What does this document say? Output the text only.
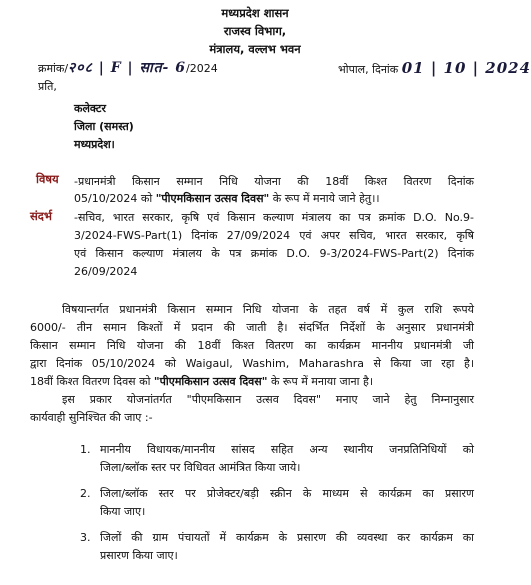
मध्यप्रदेश शासन
राजस्व विभाग,
मंत्रालय, वल्लभ भवन
क्रमांक/२०८ | F | सात- 6/2024	भोपाल, दिनांक 01 | 10 | 2024
प्रति,
कलेक्टर
जिला (समस्त)
मध्यप्रदेश।
विषय -प्रधानमंत्री किसान सम्मान निधि योजना की 18वीं किश्त वितरण दिनांक
05/10/2024 को "पीएमकिसान उत्सव दिवस" के रूप में मनाये जाने हेतु।।
संदर्भ -सचिव, भारत सरकार, कृषि एवं किसान कल्याण मंत्रालय का पत्र क्रमांक D.O. No.9-
3/2024-FWS-Part(1) दिनांक 27/09/2024 एवं अपर सचिव, भारत सरकार, कृषि
एवं किसान कल्याण मंत्रालय के पत्र क्रमांक D.O. 9-3/2024-FWS-Part(2) दिनांक
26/09/2024
विषयान्तर्गत प्रधानमंत्री किसान सम्मान निधि योजना के तहत वर्ष में कुल राशि रूपये
6000/- तीन समान किश्तों में प्रदान की जाती है। संदर्भित निर्देशों के अनुसार प्रधानमंत्री
किसान सम्मान निधि योजना की 18वीं किश्त वितरण का कार्यक्रम माननीय प्रधानमंत्री जी
द्वारा दिनांक 05/10/2024 को Waigaul, Washim, Maharashra से किया जा रहा है।
18वीं किश्त वितरण दिवस को "पीएमकिसान उत्सव दिवस" के रूप में मनाया जाना है।
इस प्रकार योजनांतर्गत "पीएमकिसान उत्सव दिवस" मनाए जाने हेतु निम्नानुसार
कार्यवाही सुनिश्चित की जाए :-
1. माननीय विधायक/माननीय सांसद सहित अन्य स्थानीय जनप्रतिनिधियों को
जिला/ब्लॉक स्तर पर विधिवत आमंत्रित किया जाये।
2. जिला/ब्लॉक स्तर पर प्रोजेक्टर/बड़ी स्क्रीन के माध्यम से कार्यक्रम का प्रसारण
किया जाए।
3. जिलों की ग्राम पंचायतों में कार्यक्रम के प्रसारण की व्यवस्था कर कार्यक्रम का
प्रसारण किया जाए।
